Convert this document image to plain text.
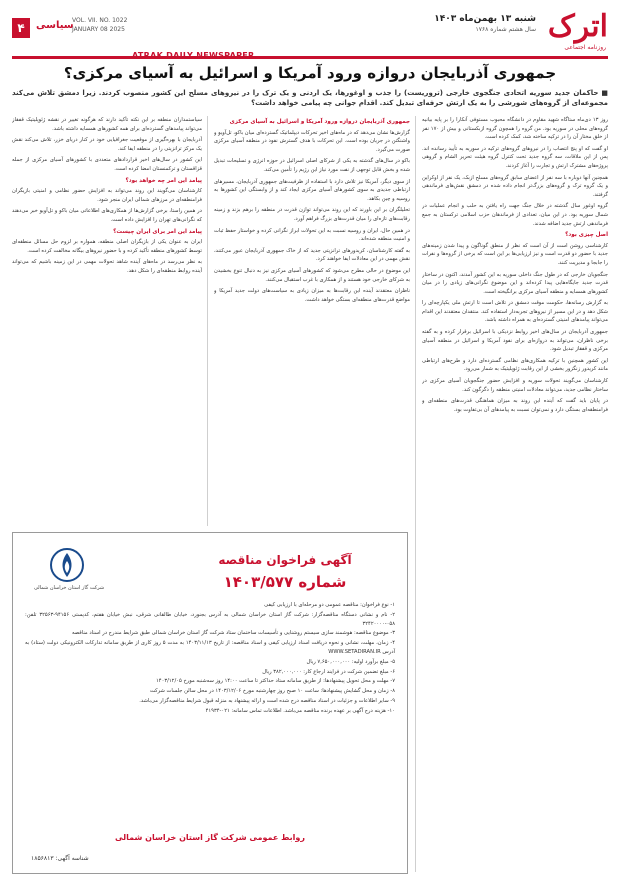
اترک
روزنامه اجتماعی
شنبه ۱۳ بهمن‌ماه ۱۴۰۳
سال هشتم شماره ۱۷۶۸
۴	سیاسی
VOL. VII. NO. 1022
JANUARY 08 2025
جمهوری آذربایجان دروازه ورود آمریکا و اسرائیل به آسیای مرکزی؟
■ حاکمان جدید سوریه اتحادی جنگجوی خارجی (تروریست) را جذب و اوغورها، یک اردنی و یک ترک را در نیروهای مسلح این کشور منصوب کردند. زیرا دمشق تلاش می‌کند مجموعه‌ای از گروه‌های شورشی را به یک ارتش حرفه‌ای تبدیل کند. اقدام جوانی چه پیامی خواهد داشت؟
روز ۱۳ دی‌ماه ستاگاه شهید مقاوم در دانشگاه محبوب مستوفی آنکارا را بر پایه بیانیه گروه‌های محلی در سوریه بود. من گروه را همچون گروه ازبکستانی و بیش از ۱۷۰ نفر از خلق مختار آن را در ترکیه ساخته شد، کمک کرده است.
او گفت که او پنج انتصاب را در نیروهای گروه‌های ترکیه در سوریه به تأیید رسانده اند. پس از این ملاقات، سه گروه جدید تحت کنترل گروه هیئت تحریر الشام و گروهی پروژه‌های مشترک ارتش و تجارت را آغاز کردند.
همچنین آنها دوباره با سه نفر از اعضای سابق گروه‌های مسلح ازبک، یک نفر از اوکراین و یک گروه ترک و گروه‌های بزرگ‌تر انجام داده شده در دمشق نقش‌های فرماندهی گرفتند.
گروه اوغور سال گذشته در خلال جنگ جهت راه یافتن به حلب و انجام عملیات در شمال سوریه بود. در این میان، تعدادی از فرماندهان حزب اسلامی ترکستان به جمع فرماندهی ارتش جدید اضافه شدند.
اصل چیزی بود؟
کارشناسی روشن است از آن است که نظر از منطق گوناگون و پیدا شدن زمینه‌های جدید با حضور دو قدرت است و نیز ارزیابی‌ها بر این است که برخی از گروه‌ها و نفرات را جابجا و مدیریت کنند.
جنگجویان خارجی که در طول جنگ داخلی سوریه به این کشور آمدند، اکنون در ساختار قدرت جدید جایگاه‌هایی پیدا کرده‌اند و این موضوع نگرانی‌های زیادی را در میان کشورهای همسایه و منطقه آسیای مرکزی برانگیخته است.
به گزارش رسانه‌ها، حکومت موقت دمشق در تلاش است تا ارتش ملی یکپارچه‌ای را شکل دهد و در این مسیر از نیروهای تجربه‌دار استفاده کند. منتقدان معتقدند این اقدام می‌تواند پیامدهای امنیتی گسترده‌ای به همراه داشته باشد.
جمهوری آذربایجان در سال‌های اخیر روابط نزدیکی با اسرائیل برقرار کرده و به گفته برخی ناظران، می‌تواند به دروازه‌ای برای نفوذ آمریکا و اسرائیل در منطقه آسیای مرکزی و قفقاز تبدیل شود.
این کشور همچنین با ترکیه همکاری‌های نظامی گسترده‌ای دارد و طرح‌های ارتباطی مانند کریدور زنگزور بخشی از این رقابت ژئوپلیتیک به شمار می‌رود.
کارشناسان می‌گویند تحولات سوریه و افزایش حضور جنگجویان آسیای مرکزی در ساختار نظامی جدید، می‌تواند معادلات امنیتی منطقه را دگرگون کند.
در پایان باید گفت که آینده این روند به میزان هماهنگی قدرت‌های منطقه‌ای و فرامنطقه‌ای بستگی دارد و نمی‌توان نسبت به پیامدهای آن بی‌تفاوت بود.
جمهوری آذربایجان دروازه ورود آمریکا و اسرائیل به آسیای مرکزی
گزارش‌ها نشان می‌دهد که در ماه‌های اخیر تحرکات دیپلماتیک گسترده‌ای میان باکو، تل‌آویو و واشنگتن در جریان بوده است. این تحرکات با هدف گسترش نفوذ در منطقه آسیای مرکزی صورت می‌گیرد.
باکو در سال‌های گذشته به یکی از شرکای اصلی اسرائیل در حوزه انرژی و تسلیحات تبدیل شده و بخش قابل توجهی از نفت مورد نیاز این رژیم را تأمین می‌کند.
از سوی دیگر، آمریکا نیز تلاش دارد با استفاده از ظرفیت‌های جمهوری آذربایجان، مسیرهای ارتباطی جدیدی به سوی کشورهای آسیای مرکزی ایجاد کند و از وابستگی این کشورها به روسیه و چین بکاهد.
تحلیلگران بر این باورند که این روند می‌تواند توازن قدرت در منطقه را برهم بزند و زمینه رقابت‌های تازه‌ای را میان قدرت‌های بزرگ فراهم آورد.
در همین حال، ایران و روسیه نسبت به این تحولات ابراز نگرانی کرده و خواستار حفظ ثبات و امنیت منطقه شده‌اند.
به گفته کارشناسان، کریدورهای ترانزیتی جدید که از خاک جمهوری آذربایجان عبور می‌کنند، نقش مهمی در این معادلات ایفا خواهند کرد.
این موضوع در حالی مطرح می‌شود که کشورهای آسیای مرکزی نیز به دنبال تنوع بخشیدن به شرکای خارجی خود هستند و از همکاری با غرب استقبال می‌کنند.
ناظران معتقدند آینده این رقابت‌ها به میزان زیادی به سیاست‌های دولت جدید آمریکا و مواضع قدرت‌های منطقه‌ای بستگی خواهد داشت.
سیاستمداران منطقه بر این نکته تأکید دارند که هرگونه تغییر در نقشه ژئوپلیتیک قفقاز می‌تواند پیامدهای گسترده‌ای برای همه کشورهای همسایه داشته باشد.
آذربایجان با بهره‌گیری از موقعیت جغرافیایی خود در کنار دریای خزر، تلاش می‌کند نقش یک مرکز ترانزیتی را در منطقه ایفا کند.
این کشور در سال‌های اخیر قراردادهای متعددی با کشورهای آسیای مرکزی از جمله قزاقستان و ترکمنستان امضا کرده است.
پیامد این امر چه خواهد بود؟
کارشناسان می‌گویند این روند می‌تواند به افزایش حضور نظامی و امنیتی بازیگران فرامنطقه‌ای در مرزهای شمالی ایران منجر شود.
در همین راستا، برخی گزارش‌ها از همکاری‌های اطلاعاتی میان باکو و تل‌آویو خبر می‌دهند که نگرانی‌های تهران را افزایش داده است.
پیامد این امر برای ایران چیست؟
ایران به عنوان یکی از بازیگران اصلی منطقه، همواره بر لزوم حل مسائل منطقه‌ای توسط کشورهای منطقه تأکید کرده و با حضور نیروهای بیگانه مخالفت کرده است.
به نظر می‌رسد در ماه‌های آینده شاهد تحولات مهمی در این زمینه باشیم که می‌تواند آینده روابط منطقه‌ای را شکل دهد.
آگهی فراخوان مناقصه
شماره ۱۴۰۳/۵۷۷
شرکت گاز استان خراسان شمالی
۱- نوع فراخوان: مناقصه عمومی دو مرحله‌ای با ارزیابی کیفی
۲- نام و نشانی دستگاه مناقصه‌گزار: شرکت گاز استان خراسان شمالی به آدرس بجنورد، خیابان طالقانی شرقی، نبش خیابان هفتم، کدپستی ۹۴۱۵۶-۳۲۵۶۳ تلفن: ۰۵۸-۳۲۴۲۰۰۰۰
۳- موضوع مناقصه: هوشمند سازی سیستم روشنایی و تأسیسات ساختمان ستاد شرکت گاز استان خراسان شمالی طبق شرایط مندرج در اسناد مناقصه
۴- زمان، مهلت، نشانی و نحوه دریافت اسناد ارزیابی کیفی و اسناد مناقصه: از تاریخ ۱۴۰۳/۱۱/۱۳ به مدت ۵ روز کاری از طریق سامانه تدارکات الکترونیکی دولت (ستاد) به آدرس WWW.SETADIRAN.IR
۵- مبلغ برآورد اولیه: ۷,۶۵۰,۰۰۰,۰۰۰ ریال
۶- مبلغ تضمین شرکت در فرایند ارجاع کار: ۳۸۲,۰۰۰,۰۰۰ ریال
۷- مهلت و محل تحویل پیشنهادها: از طریق سامانه ستاد حداکثر تا ساعت ۱۴:۰۰ روز سه‌شنبه مورخ ۱۴۰۳/۱۲/۰۵
۸- زمان و محل گشایش پیشنهادها: ساعت ۱۰ صبح روز چهارشنبه مورخ ۱۴۰۳/۱۲/۰۶ در محل سالن جلسات شرکت
۹- سایر اطلاعات و جزئیات در اسناد مناقصه درج شده است و ارائه پیشنهاد به منزله قبول شرایط مناقصه‌گزار می‌باشد.
۱۰- هزینه درج آگهی بر عهده برنده مناقصه می‌باشد. اطلاعات تماس سامانه: ۰۲۱-۴۱۹۳۴
روابط عمومی شرکت گاز استان خراسان شمالی
شناسه آگهی: ۱۸۵۶۸۱۳
